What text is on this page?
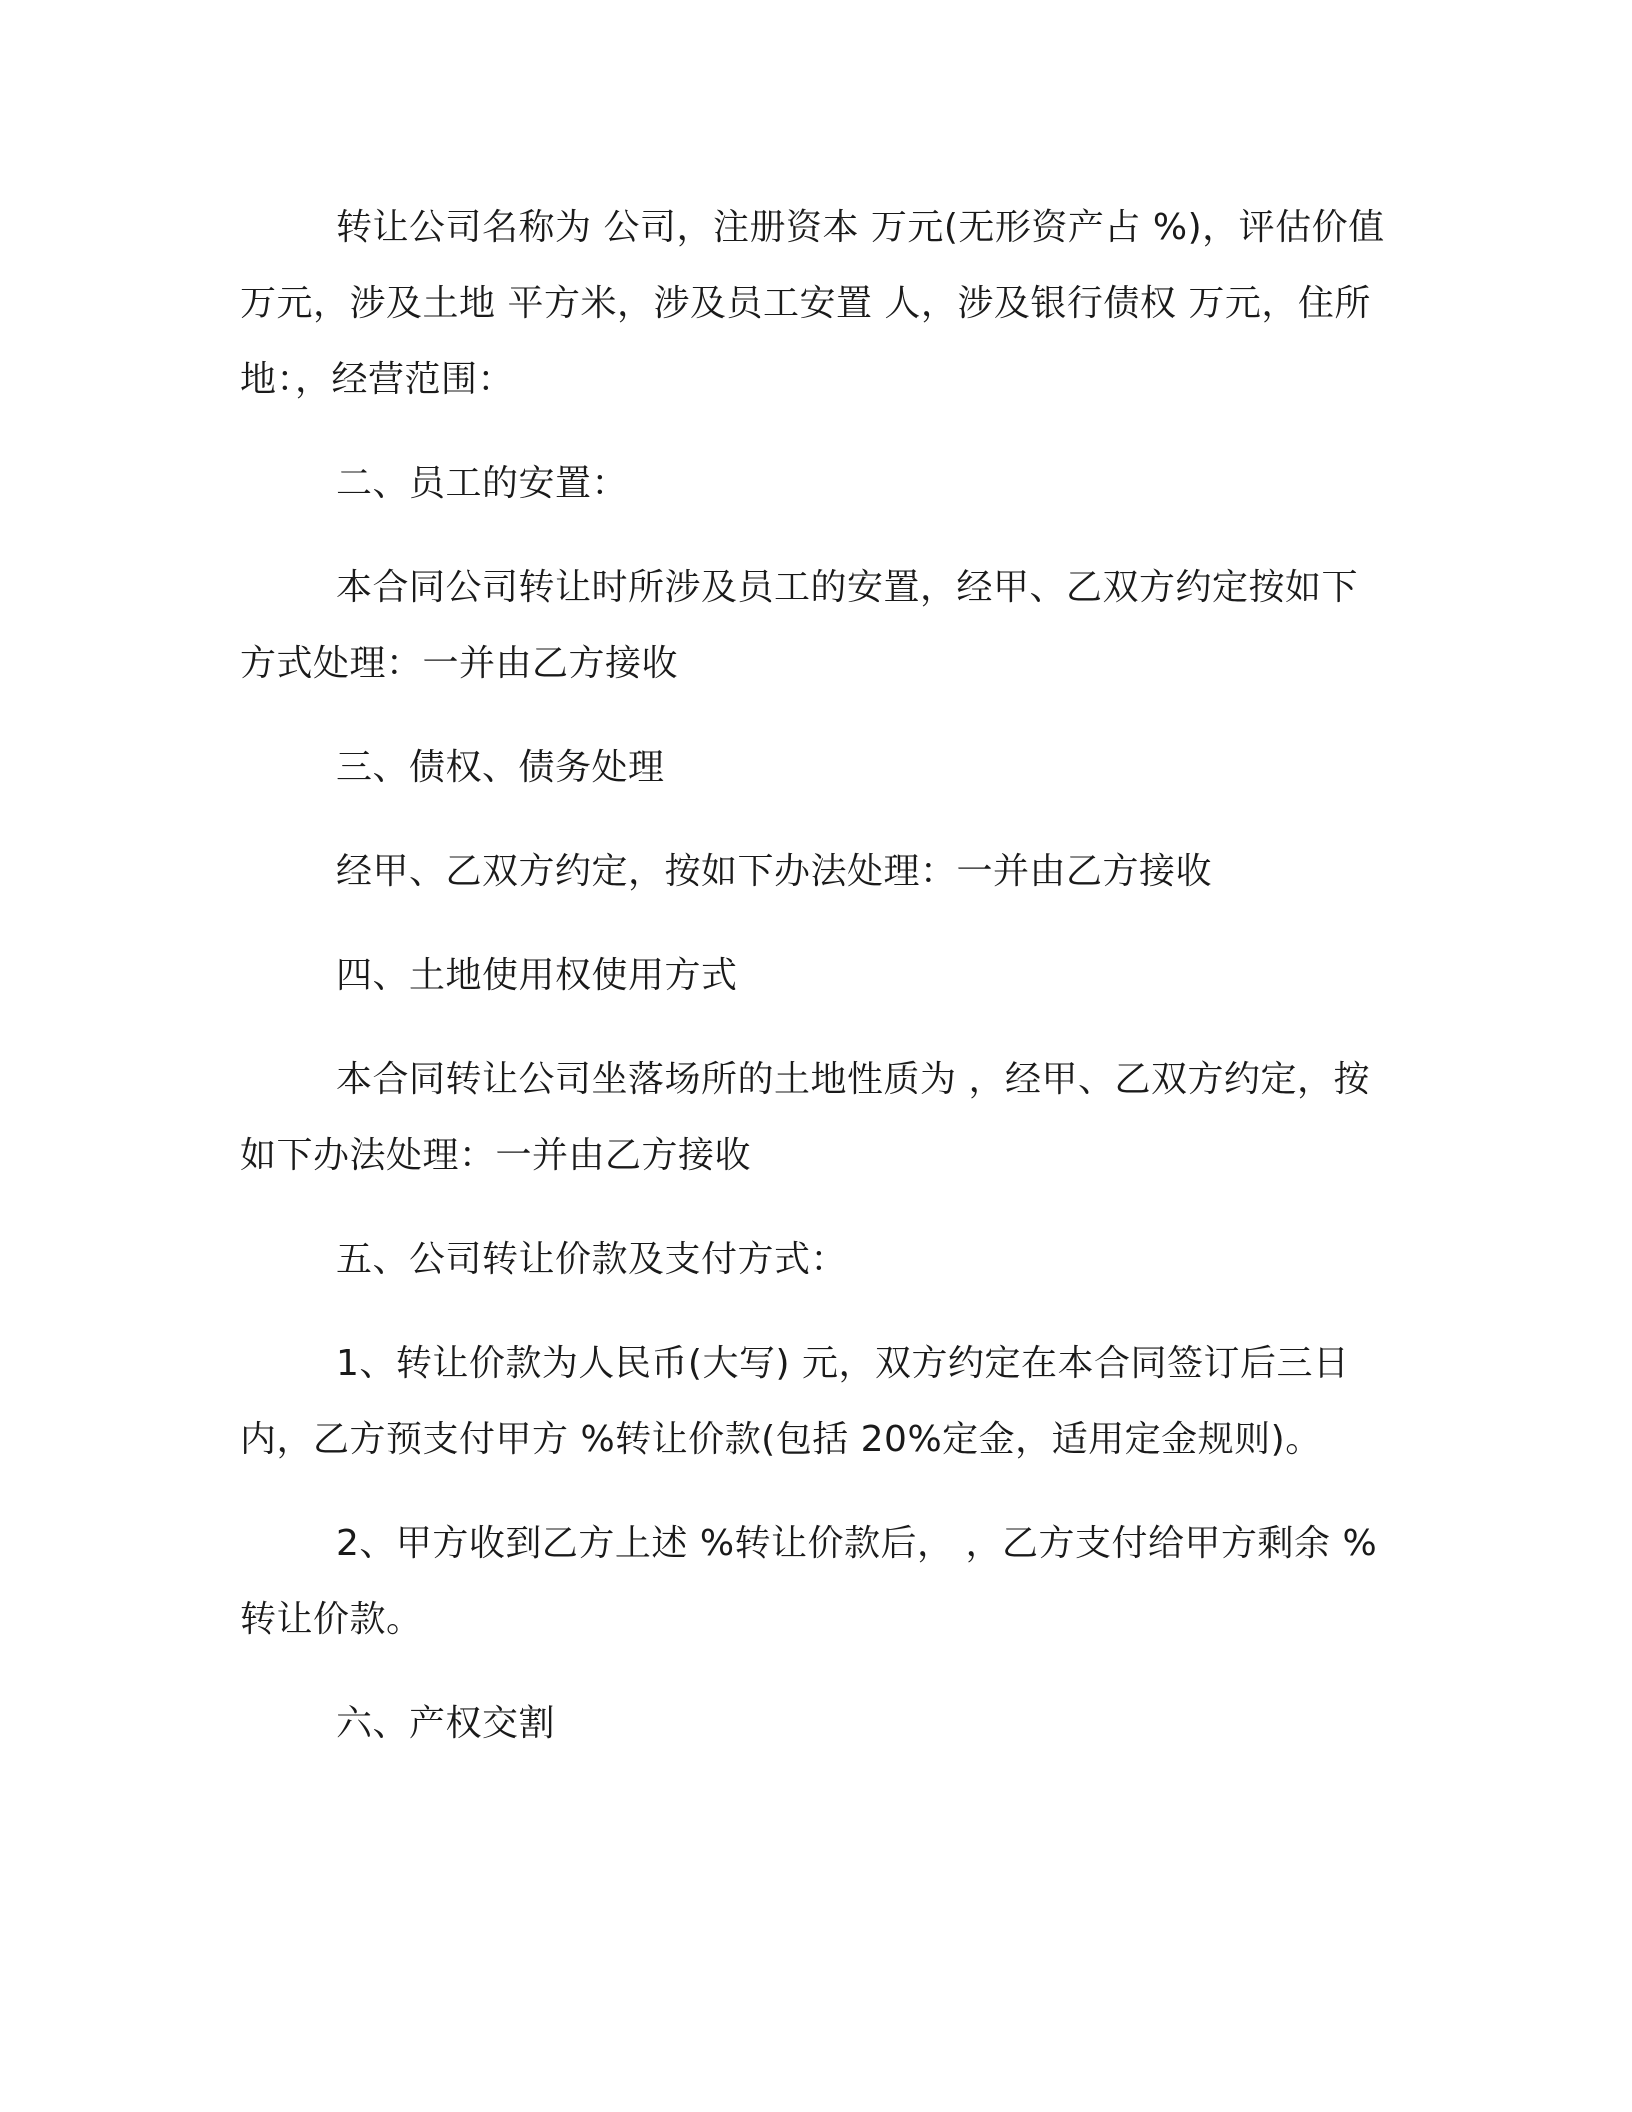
转让公司名称为 公司，注册资本 万元(无形资产占 %)，评估价值 万元，涉及土地 平方米，涉及员工安置 人，涉及银行债权 万元，住所地：，经营范围：

二、员工的安置：

本合同公司转让时所涉及员工的安置，经甲、乙双方约定按如下方式处理：一并由乙方接收

三、债权、债务处理

经甲、乙双方约定，按如下办法处理：一并由乙方接收

四、土地使用权使用方式

本合同转让公司坐落场所的土地性质为 ，经甲、乙双方约定，按如下办法处理：一并由乙方接收

五、公司转让价款及支付方式：

1、转让价款为人民币(大写) 元，双方约定在本合同签订后三日内，乙方预支付甲方 %转让价款(包括 20%定金，适用定金规则)。

2、甲方收到乙方上述 %转让价款后， ，乙方支付给甲方剩余 %转让价款。

六、产权交割
